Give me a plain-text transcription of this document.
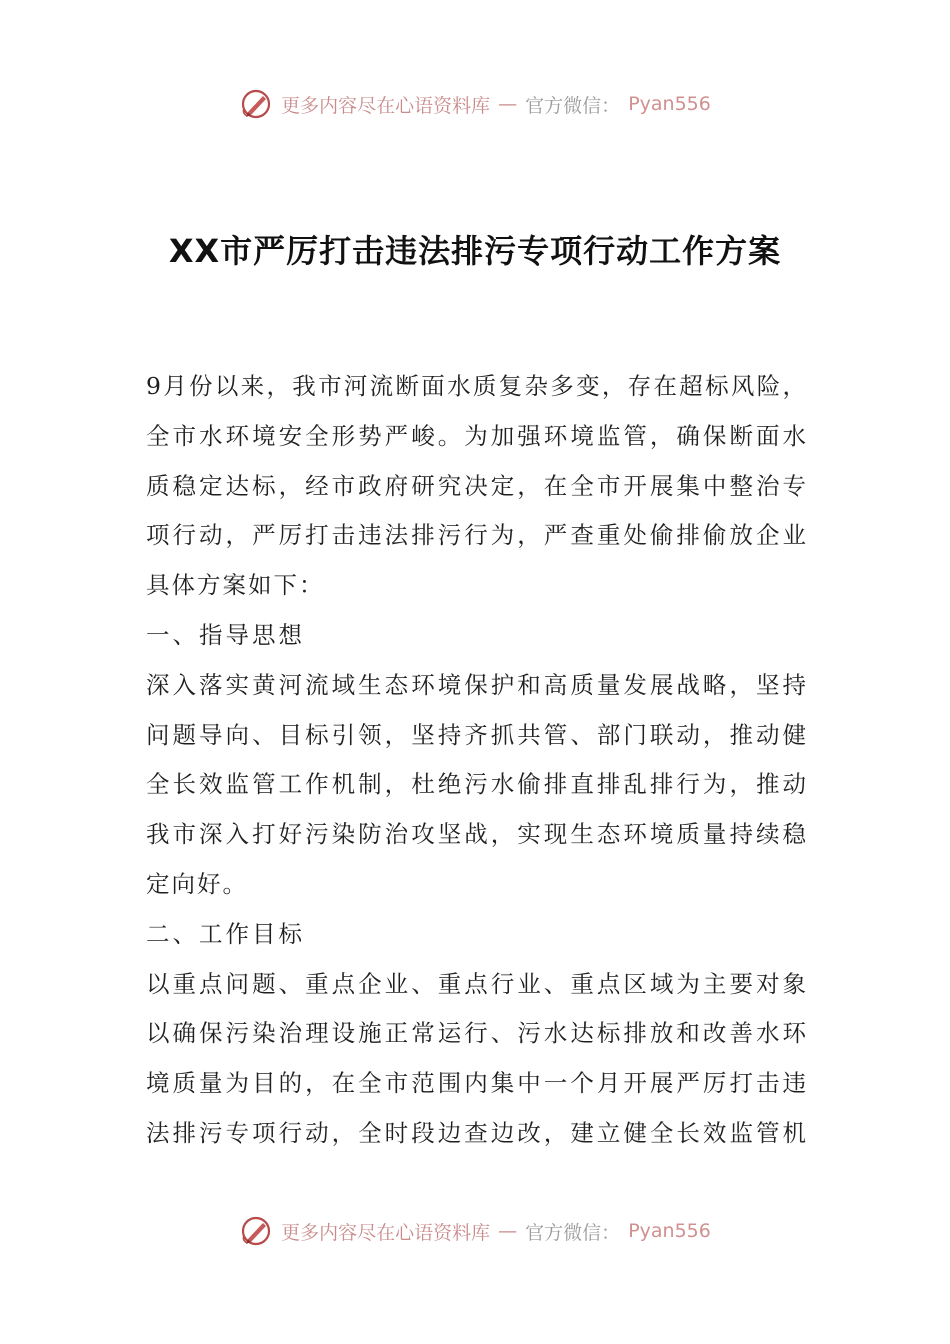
更多内容尽在心语资料库 — 官方微信： Pyan556
XX市严厉打击违法排污专项行动工作方案
9月份以来，我市河流断面水质复杂多变，存在超标风险，
全市水环境安全形势严峻。为加强环境监管，确保断面水
质稳定达标，经市政府研究决定，在全市开展集中整治专
项行动，严厉打击违法排污行为，严查重处偷排偷放企业
具体方案如下：
一、指导思想
深入落实黄河流域生态环境保护和高质量发展战略，坚持
问题导向、目标引领，坚持齐抓共管、部门联动，推动健
全长效监管工作机制，杜绝污水偷排直排乱排行为，推动
我市深入打好污染防治攻坚战，实现生态环境质量持续稳
定向好。
二、工作目标
以重点问题、重点企业、重点行业、重点区域为主要对象
以确保污染治理设施正常运行、污水达标排放和改善水环
境质量为目的，在全市范围内集中一个月开展严厉打击违
法排污专项行动，全时段边查边改，建立健全长效监管机
更多内容尽在心语资料库 — 官方微信： Pyan556
